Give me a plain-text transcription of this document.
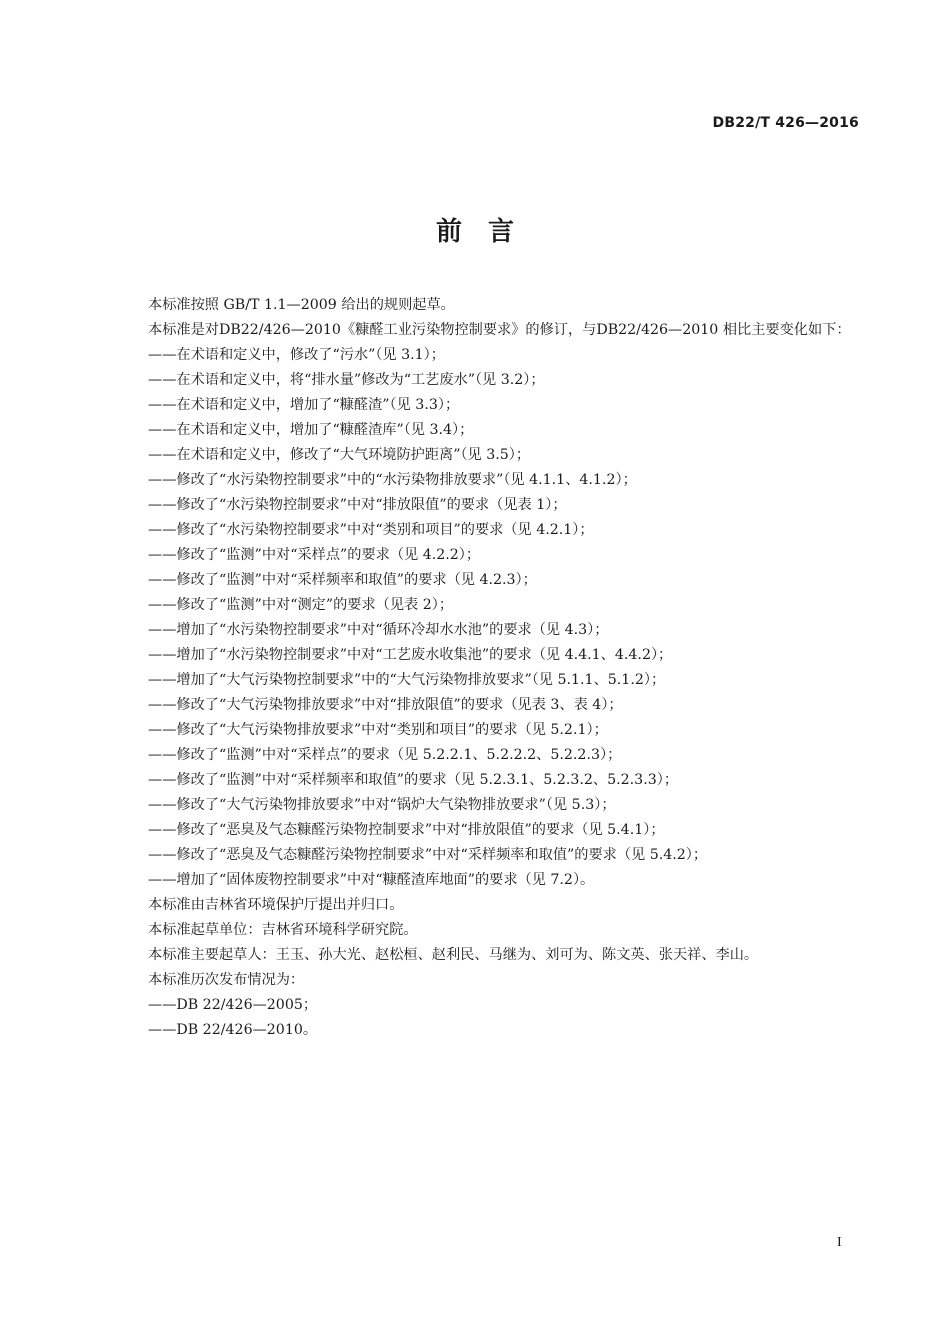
DB22/T 426—2016
前　言

本标准按照 GB/T 1.1—2009 给出的规则起草。

本标准是对DB22/426—2010《糠醛工业污染物控制要求》的修订，与DB22/426—2010 相比主要变化如下：

——在术语和定义中，修改了“污水”（见 3.1）；
——在术语和定义中，将“排水量”修改为“工艺废水”（见 3.2）；
——在术语和定义中，增加了“糠醛渣”（见 3.3）；
——在术语和定义中，增加了“糠醛渣库”（见 3.4）；
——在术语和定义中，修改了“大气环境防护距离”（见 3.5）；
——修改了“水污染物控制要求”中的“水污染物排放要求”（见 4.1.1、4.1.2）；
——修改了“水污染物控制要求”中对“排放限值”的要求（见表 1）；
——修改了“水污染物控制要求”中对“类别和项目”的要求（见 4.2.1）；
——修改了“监测”中对“采样点”的要求（见 4.2.2）；
——修改了“监测”中对“采样频率和取值”的要求（见 4.2.3）；
——修改了“监测”中对“测定”的要求（见表 2）；
——增加了“水污染物控制要求”中对“循环冷却水水池”的要求（见 4.3）；
——增加了“水污染物控制要求”中对“工艺废水收集池”的要求（见 4.4.1、4.4.2）；
——增加了“大气污染物控制要求”中的“大气污染物排放要求”（见 5.1.1、5.1.2）；
——修改了“大气污染物排放要求”中对“排放限值”的要求（见表 3、表 4）；
——修改了“大气污染物排放要求”中对“类别和项目”的要求（见 5.2.1）；
——修改了“监测”中对“采样点”的要求（见 5.2.2.1、5.2.2.2、5.2.2.3）；
——修改了“监测”中对“采样频率和取值”的要求（见 5.2.3.1、5.2.3.2、5.2.3.3）；
——修改了“大气污染物排放要求”中对“锅炉大气染物排放要求”（见 5.3）；
——修改了“恶臭及气态糠醛污染物控制要求”中对“排放限值”的要求（见 5.4.1）；
——修改了“恶臭及气态糠醛污染物控制要求”中对“采样频率和取值”的要求（见 5.4.2）；
——增加了“固体废物控制要求”中对“糠醛渣库地面”的要求（见 7.2）。

本标准由吉林省环境保护厅提出并归口。

本标准起草单位：吉林省环境科学研究院。

本标准主要起草人：王玉、孙大光、赵松桓、赵利民、马继为、刘可为、陈文英、张天祥、李山。

本标准历次发布情况为：

——DB 22/426—2005；
——DB 22/426—2010。
I
